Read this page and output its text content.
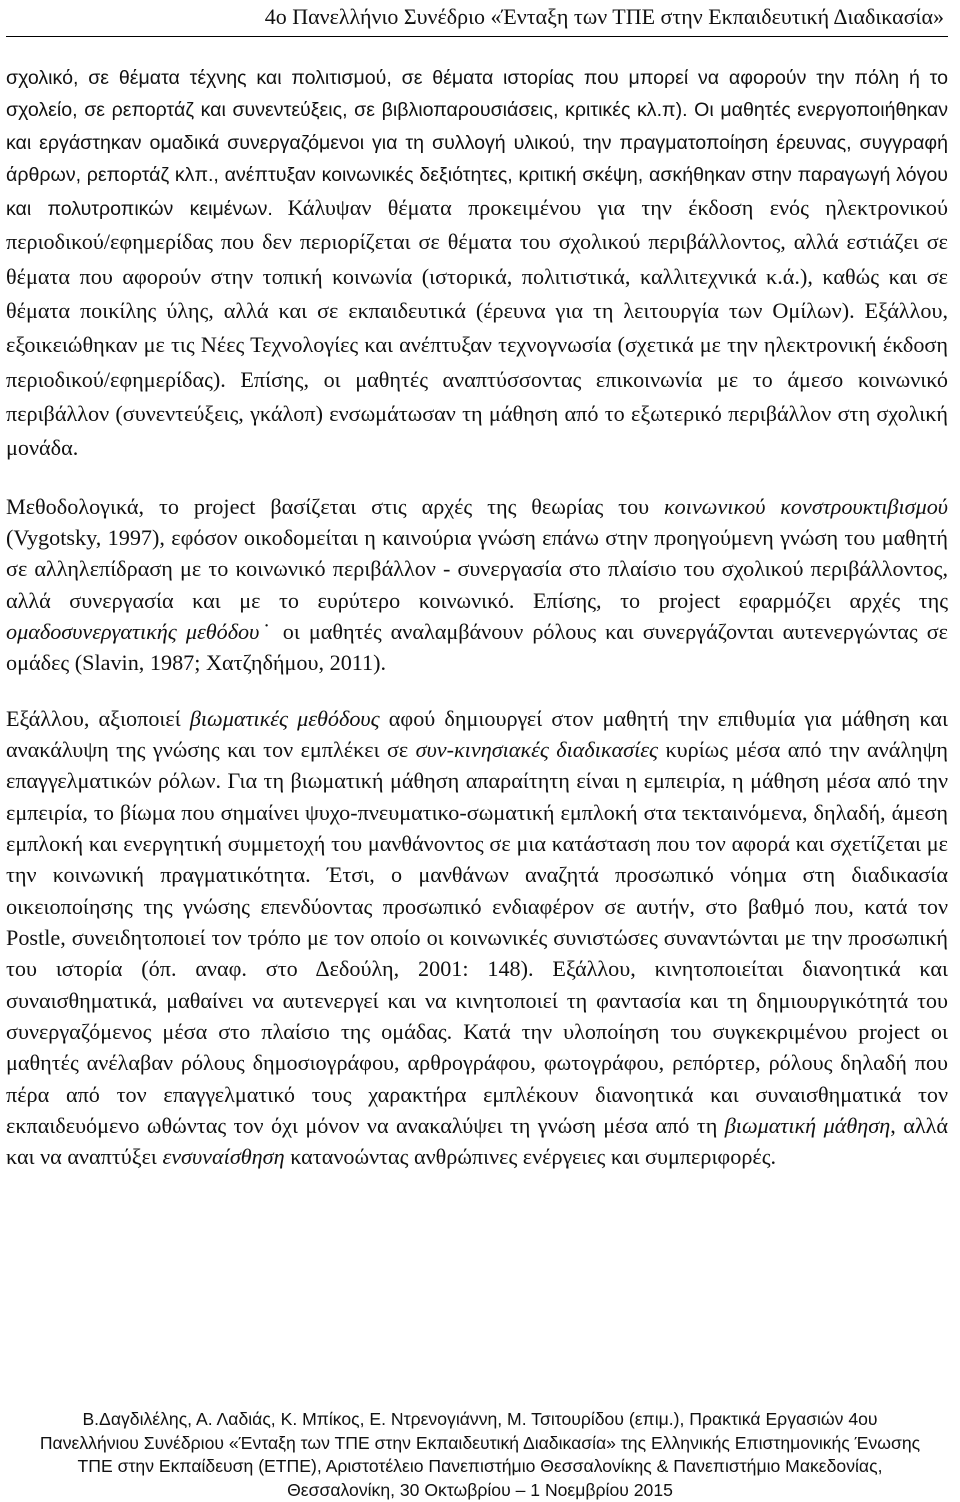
4ο Πανελλήνιο Συνέδριο «Ένταξη των ΤΠΕ στην Εκπαιδευτική Διαδικασία»

σχολικό, σε θέματα τέχνης και πολιτισμού, σε θέματα ιστορίας που μπορεί να αφορούν την πόλη ή το σχολείο, σε ρεπορτάζ και συνεντεύξεις, σε βιβλιοπαρουσιάσεις, κριτικές κλ.π). Οι μαθητές ενεργοποιήθηκαν και εργάστηκαν ομαδικά συνεργαζόμενοι για τη συλλογή υλικού, την πραγματοποίηση έρευνας, συγγραφή άρθρων, ρεπορτάζ κλπ., ανέπτυξαν κοινωνικές δεξιότητες, κριτική σκέψη, ασκήθηκαν στην παραγωγή λόγου και πολυτροπικών κειμένων. Κάλυψαν θέματα προκειμένου για την έκδοση ενός ηλεκτρονικού περιοδικού/εφημερίδας που δεν περιορίζεται σε θέματα του σχολικού περιβάλλοντος, αλλά εστιάζει σε θέματα που αφορούν στην τοπική κοινωνία (ιστορικά, πολιτιστικά, καλλιτεχνικά κ.ά.), καθώς και σε θέματα ποικίλης ύλης, αλλά και σε εκπαιδευτικά (έρευνα για τη λειτουργία των Ομίλων). Εξάλλου, εξοικειώθηκαν με τις Νέες Τεχνολογίες και ανέπτυξαν τεχνογνωσία (σχετικά με την ηλεκτρονική έκδοση περιοδικού/εφημερίδας). Επίσης, οι μαθητές αναπτύσσοντας επικοινωνία με το άμεσο κοινωνικό περιβάλλον (συνεντεύξεις, γκάλοπ) ενσωμάτωσαν τη μάθηση από το εξωτερικό περιβάλλον στη σχολική μονάδα.

Μεθοδολογικά, το project βασίζεται στις αρχές της θεωρίας του κοινωνικού κονστρουκτιβισμού (Vygotsky, 1997), εφόσον οικοδομείται η καινούρια γνώση επάνω στην προηγούμενη γνώση του μαθητή σε αλληλεπίδραση με το κοινωνικό περιβάλλον - συνεργασία στο πλαίσιο του σχολικού περιβάλλοντος, αλλά συνεργασία και με το ευρύτερο κοινωνικό. Επίσης, το project εφαρμόζει αρχές της ομαδοσυνεργατικής μεθόδου˙ οι μαθητές αναλαμβάνουν ρόλους και συνεργάζονται αυτενεργώντας σε ομάδες (Slavin, 1987; Χατζηδήμου, 2011).

Εξάλλου, αξιοποιεί βιωματικές μεθόδους αφού δημιουργεί στον μαθητή την επιθυμία για μάθηση και ανακάλυψη της γνώσης και τον εμπλέκει σε συν-κινησιακές διαδικασίες κυρίως μέσα από την ανάληψη επαγγελματικών ρόλων. Για τη βιωματική μάθηση απαραίτητη είναι η εμπειρία, η μάθηση μέσα από την εμπειρία, το βίωμα που σημαίνει ψυχο-πνευματικο-σωματική εμπλοκή στα τεκταινόμενα, δηλαδή, άμεση εμπλοκή και ενεργητική συμμετοχή του μανθάνοντος σε μια κατάσταση που τον αφορά και σχετίζεται με την κοινωνική πραγματικότητα. Έτσι, ο μανθάνων αναζητά προσωπικό νόημα στη διαδικασία οικειοποίησης της γνώσης επενδύοντας προσωπικό ενδιαφέρον σε αυτήν, στο βαθμό που, κατά τον Postle, συνειδητοποιεί τον τρόπο με τον οποίο οι κοινωνικές συνιστώσες συναντώνται με την προσωπική του ιστορία (όπ. αναφ. στο Δεδούλη, 2001: 148). Εξάλλου, κινητοποιείται διανοητικά και συναισθηματικά, μαθαίνει να αυτενεργεί και να κινητοποιεί τη φαντασία και τη δημιουργικότητά του συνεργαζόμενος μέσα στο πλαίσιο της ομάδας. Κατά την υλοποίηση του συγκεκριμένου project οι μαθητές ανέλαβαν ρόλους δημοσιογράφου, αρθρογράφου, φωτογράφου, ρεπόρτερ, ρόλους δηλαδή που πέρα από τον επαγγελματικό τους χαρακτήρα εμπλέκουν διανοητικά και συναισθηματικά τον εκπαιδευόμενο ωθώντας τον όχι μόνον να ανακαλύψει τη γνώση μέσα από τη βιωματική μάθηση, αλλά και να αναπτύξει ενσυναίσθηση κατανοώντας ανθρώπινες ενέργειες και συμπεριφορές.

Β.Δαγδιλέλης, Α. Λαδιάς, Κ. Μπίκος, Ε. Ντρενογιάννη, Μ. Τσιτουρίδου (επιμ.), Πρακτικά Εργασιών 4ου
Πανελλήνιου Συνέδριου «Ένταξη των ΤΠΕ στην Εκπαιδευτική Διαδικασία» της Ελληνικής Επιστημονικής Ένωσης
ΤΠΕ στην Εκπαίδευση (ΕΤΠΕ), Αριστοτέλειο Πανεπιστήμιο Θεσσαλονίκης & Πανεπιστήμιο Μακεδονίας,
Θεσσαλονίκη, 30 Οκτωβρίου – 1 Νοεμβρίου 2015
